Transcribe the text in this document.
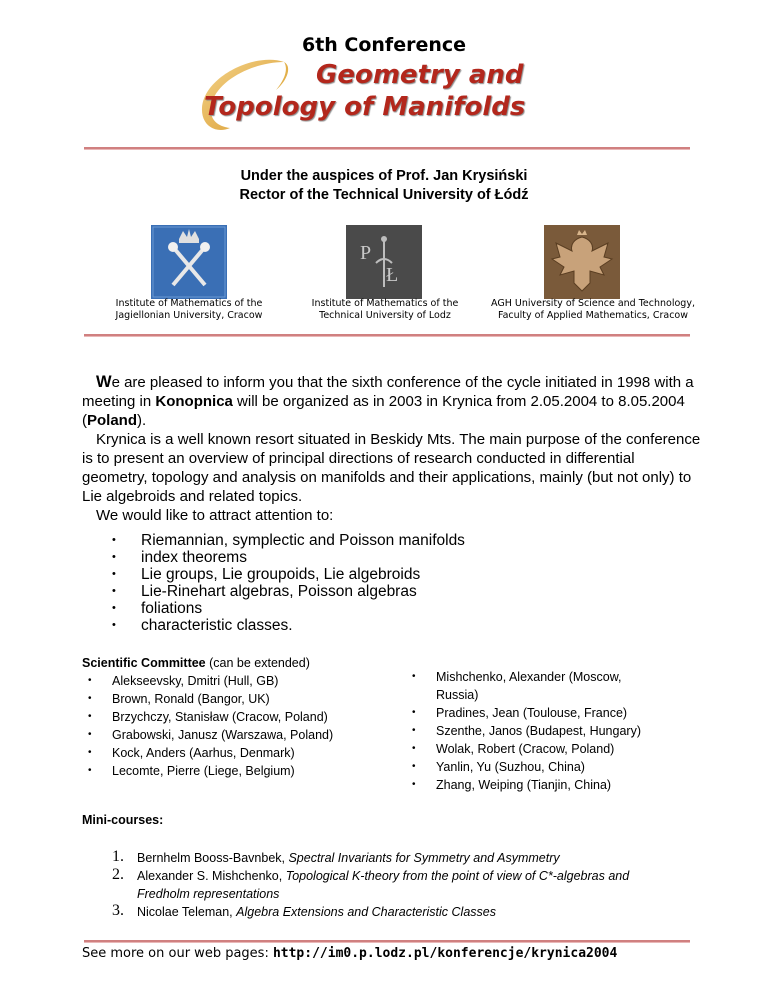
6th Conference
Geometry and
Topology of Manifolds
Under the auspices of Prof. Jan Krysiński
Rector of the Technical University of Łódź
P
Ł
Institute of Mathematics of the
Jagiellonian University, Cracow
Institute of Mathematics of the
Technical University of Lodz
AGH University of Science and Technology,
Faculty of Applied Mathematics, Cracow
We are pleased to inform you that the sixth conference of the cycle initiated in 1998 with a meeting in Konopnica will be organized as in 2003 in Krynica from 2.05.2004 to 8.05.2004 (Poland).
Krynica is a well known resort situated in Beskidy Mts. The main purpose of the conference is to present an overview of principal directions of research conducted in differential geometry, topology and analysis on manifolds and their applications, mainly (but not only) to Lie algebroids and related topics.
We would like to attract attention to:
• Riemannian, symplectic and Poisson manifolds
• index theorems
• Lie groups, Lie groupoids, Lie algebroids
• Lie-Rinehart algebras, Poisson algebras
• foliations
• characteristic classes.
Scientific Committee (can be extended)
• Alekseevsky, Dmitri (Hull, GB)
• Brown, Ronald (Bangor, UK)
• Brzychczy, Stanisław (Cracow, Poland)
• Grabowski, Janusz (Warszawa, Poland)
• Kock, Anders (Aarhus, Denmark)
• Lecomte, Pierre (Liege, Belgium)
• Mishchenko, Alexander (Moscow, Russia)
• Pradines, Jean (Toulouse, France)
• Szenthe, Janos (Budapest, Hungary)
• Wolak, Robert (Cracow, Poland)
• Yanlin, Yu (Suzhou, China)
• Zhang, Weiping (Tianjin, China)
Mini-courses:
1. Bernhelm Booss-Bavnbek, Spectral Invariants for Symmetry and Asymmetry
2. Alexander S. Mishchenko, Topological K-theory from the point of view of C*-algebras and Fredholm representations
3. Nicolae Teleman, Algebra Extensions and Characteristic Classes
See more on our web pages: http://im0.p.lodz.pl/konferencje/krynica2004
